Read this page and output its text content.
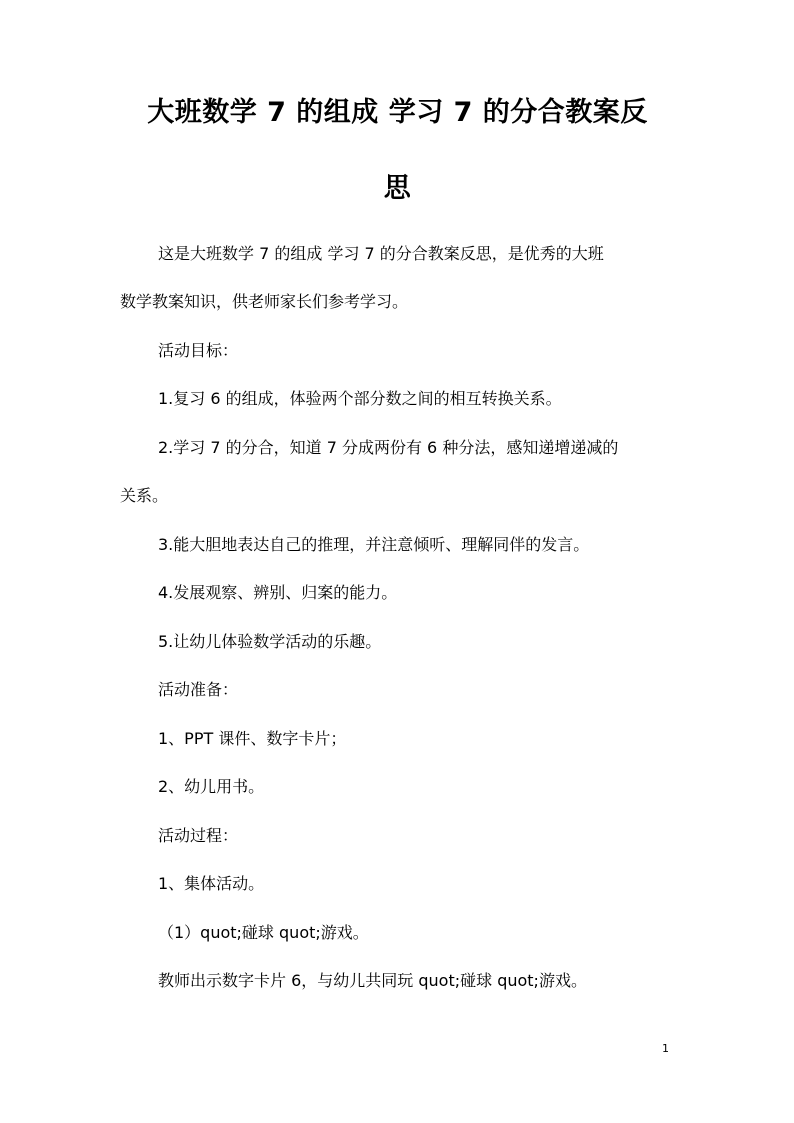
大班数学 7 的组成 学习 7 的分合教案反
思
这是大班数学 7 的组成 学习 7 的分合教案反思，是优秀的大班
数学教案知识，供老师家长们参考学习。
活动目标：
1.复习 6 的组成，体验两个部分数之间的相互转换关系。
2.学习 7 的分合，知道 7 分成两份有 6 种分法，感知递增递减的
关系。
3.能大胆地表达自己的推理，并注意倾听、理解同伴的发言。
4.发展观察、辨别、归案的能力。
5.让幼儿体验数学活动的乐趣。
活动准备：
1、PPT 课件、数字卡片；
2、幼儿用书。
活动过程：
1、集体活动。
（1）quot;碰球 quot;游戏。
教师出示数字卡片 6，与幼儿共同玩 quot;碰球 quot;游戏。
1
